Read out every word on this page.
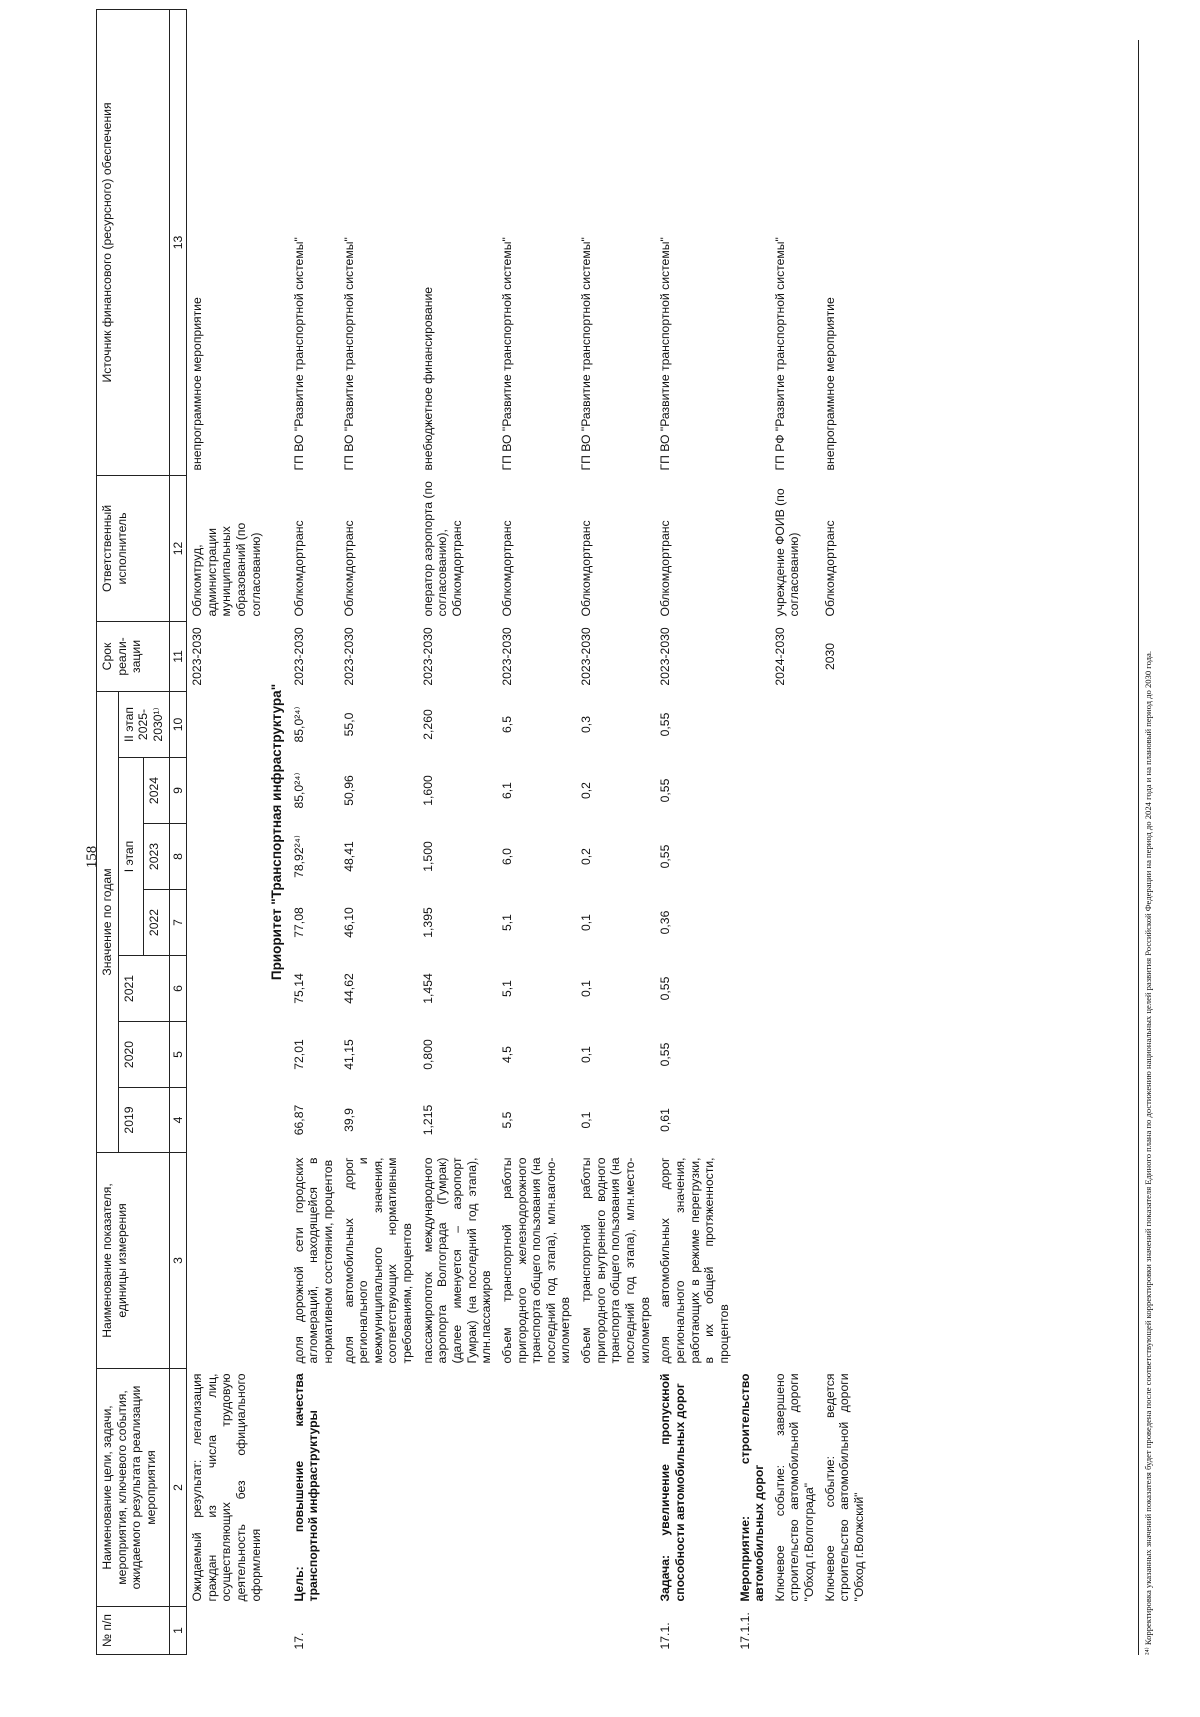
158
№ п/п	Наименование цели, задачи, мероприятия, ключевого события, ожидаемого результата реализации мероприятия	Наименование показателя, единицы измерения	Значение по годам							Срок реали-зации	Ответственный исполнитель	Источник финансового (ресурсного) обеспечения
			2019	2020	2021	I этап			II этап 2025-2030¹⁾			
						2022	2023	2024				
1	2	3	4	5	6	7	8	9	10	11	12	13
	Ожидаемый результат: легализация граждан из числа лиц, осуществляющих трудовую деятельность без официального оформления									2023-2030	Облкомтруд, администрации муниципальных образований (по согласованию)	внепрограммное мероприятие
Приоритет "Транспортная инфраструктура"												
17.	Цель: повышение качества транспортной инфраструктуры	доля дорожной сети городских агломераций, находящейся в нормативном состоянии, процентов	66,87	72,01	75,14	77,08	78,92²⁴⁾	85,0²⁴⁾	85,0²⁴⁾	2023-2030	Облкомдортранс	ГП ВО "Развитие транспортной системы"
		доля автомобильных дорог регионального и межмуниципального значения, соответствующих нормативным требованиям, процентов	39,9	41,15	44,62	46,10	48,41	50,96	55,0	2023-2030	Облкомдортранс	ГП ВО "Развитие транспортной системы"
		пассажиропоток международного аэропорта Волгограда (Гумрак) (далее именуется – аэропорт Гумрак) (на последний год этапа), млн.пассажиров	1,215	0,800	1,454	1,395	1,500	1,600	2,260	2023-2030	оператор аэропорта (по согласованию), Облкомдортранс	внебюджетное финансирование
		объем транспортной работы пригородного железнодорожного транспорта общего пользования (на последний год этапа), млн.вагоно-километров	5,5	4,5	5,1	5,1	6,0	6,1	6,5	2023-2030	Облкомдортранс	ГП ВО "Развитие транспортной системы"
		объем транспортной работы пригородного внутреннего водного транспорта общего пользования (на последний год этапа), млн.место-километров	0,1	0,1	0,1	0,1	0,2	0,2	0,3	2023-2030	Облкомдортранс	ГП ВО "Развитие транспортной системы"
17.1.	Задача: увеличение пропускной способности автомобильных дорог	доля автомобильных дорог регионального значения, работающих в режиме перегрузки, в их общей протяженности, процентов	0,61	0,55	0,55	0,36	0,55	0,55	0,55	2023-2030	Облкомдортранс	ГП ВО "Развитие транспортной системы"
17.1.1.	Мероприятие: строительство автомобильных дорог											
	Ключевое событие: завершено строительство автомобильной дороги "Обход г.Волгограда"									2024-2030	учреждение ФОИВ (по согласованию)	ГП РФ "Развитие транспортной системы"
	Ключевое событие: ведется строительство автомобильной дороги "Обход г.Волжский"									2030	Облкомдортранс	внепрограммное мероприятие
²⁴⁾ Корректировка указанных значений показателя будет проведена после соответствующей корректировки значений показателя Единого плана по достижению национальных целей развития Российской Федерации на период до 2024 года и на плановый период до 2030 года.
